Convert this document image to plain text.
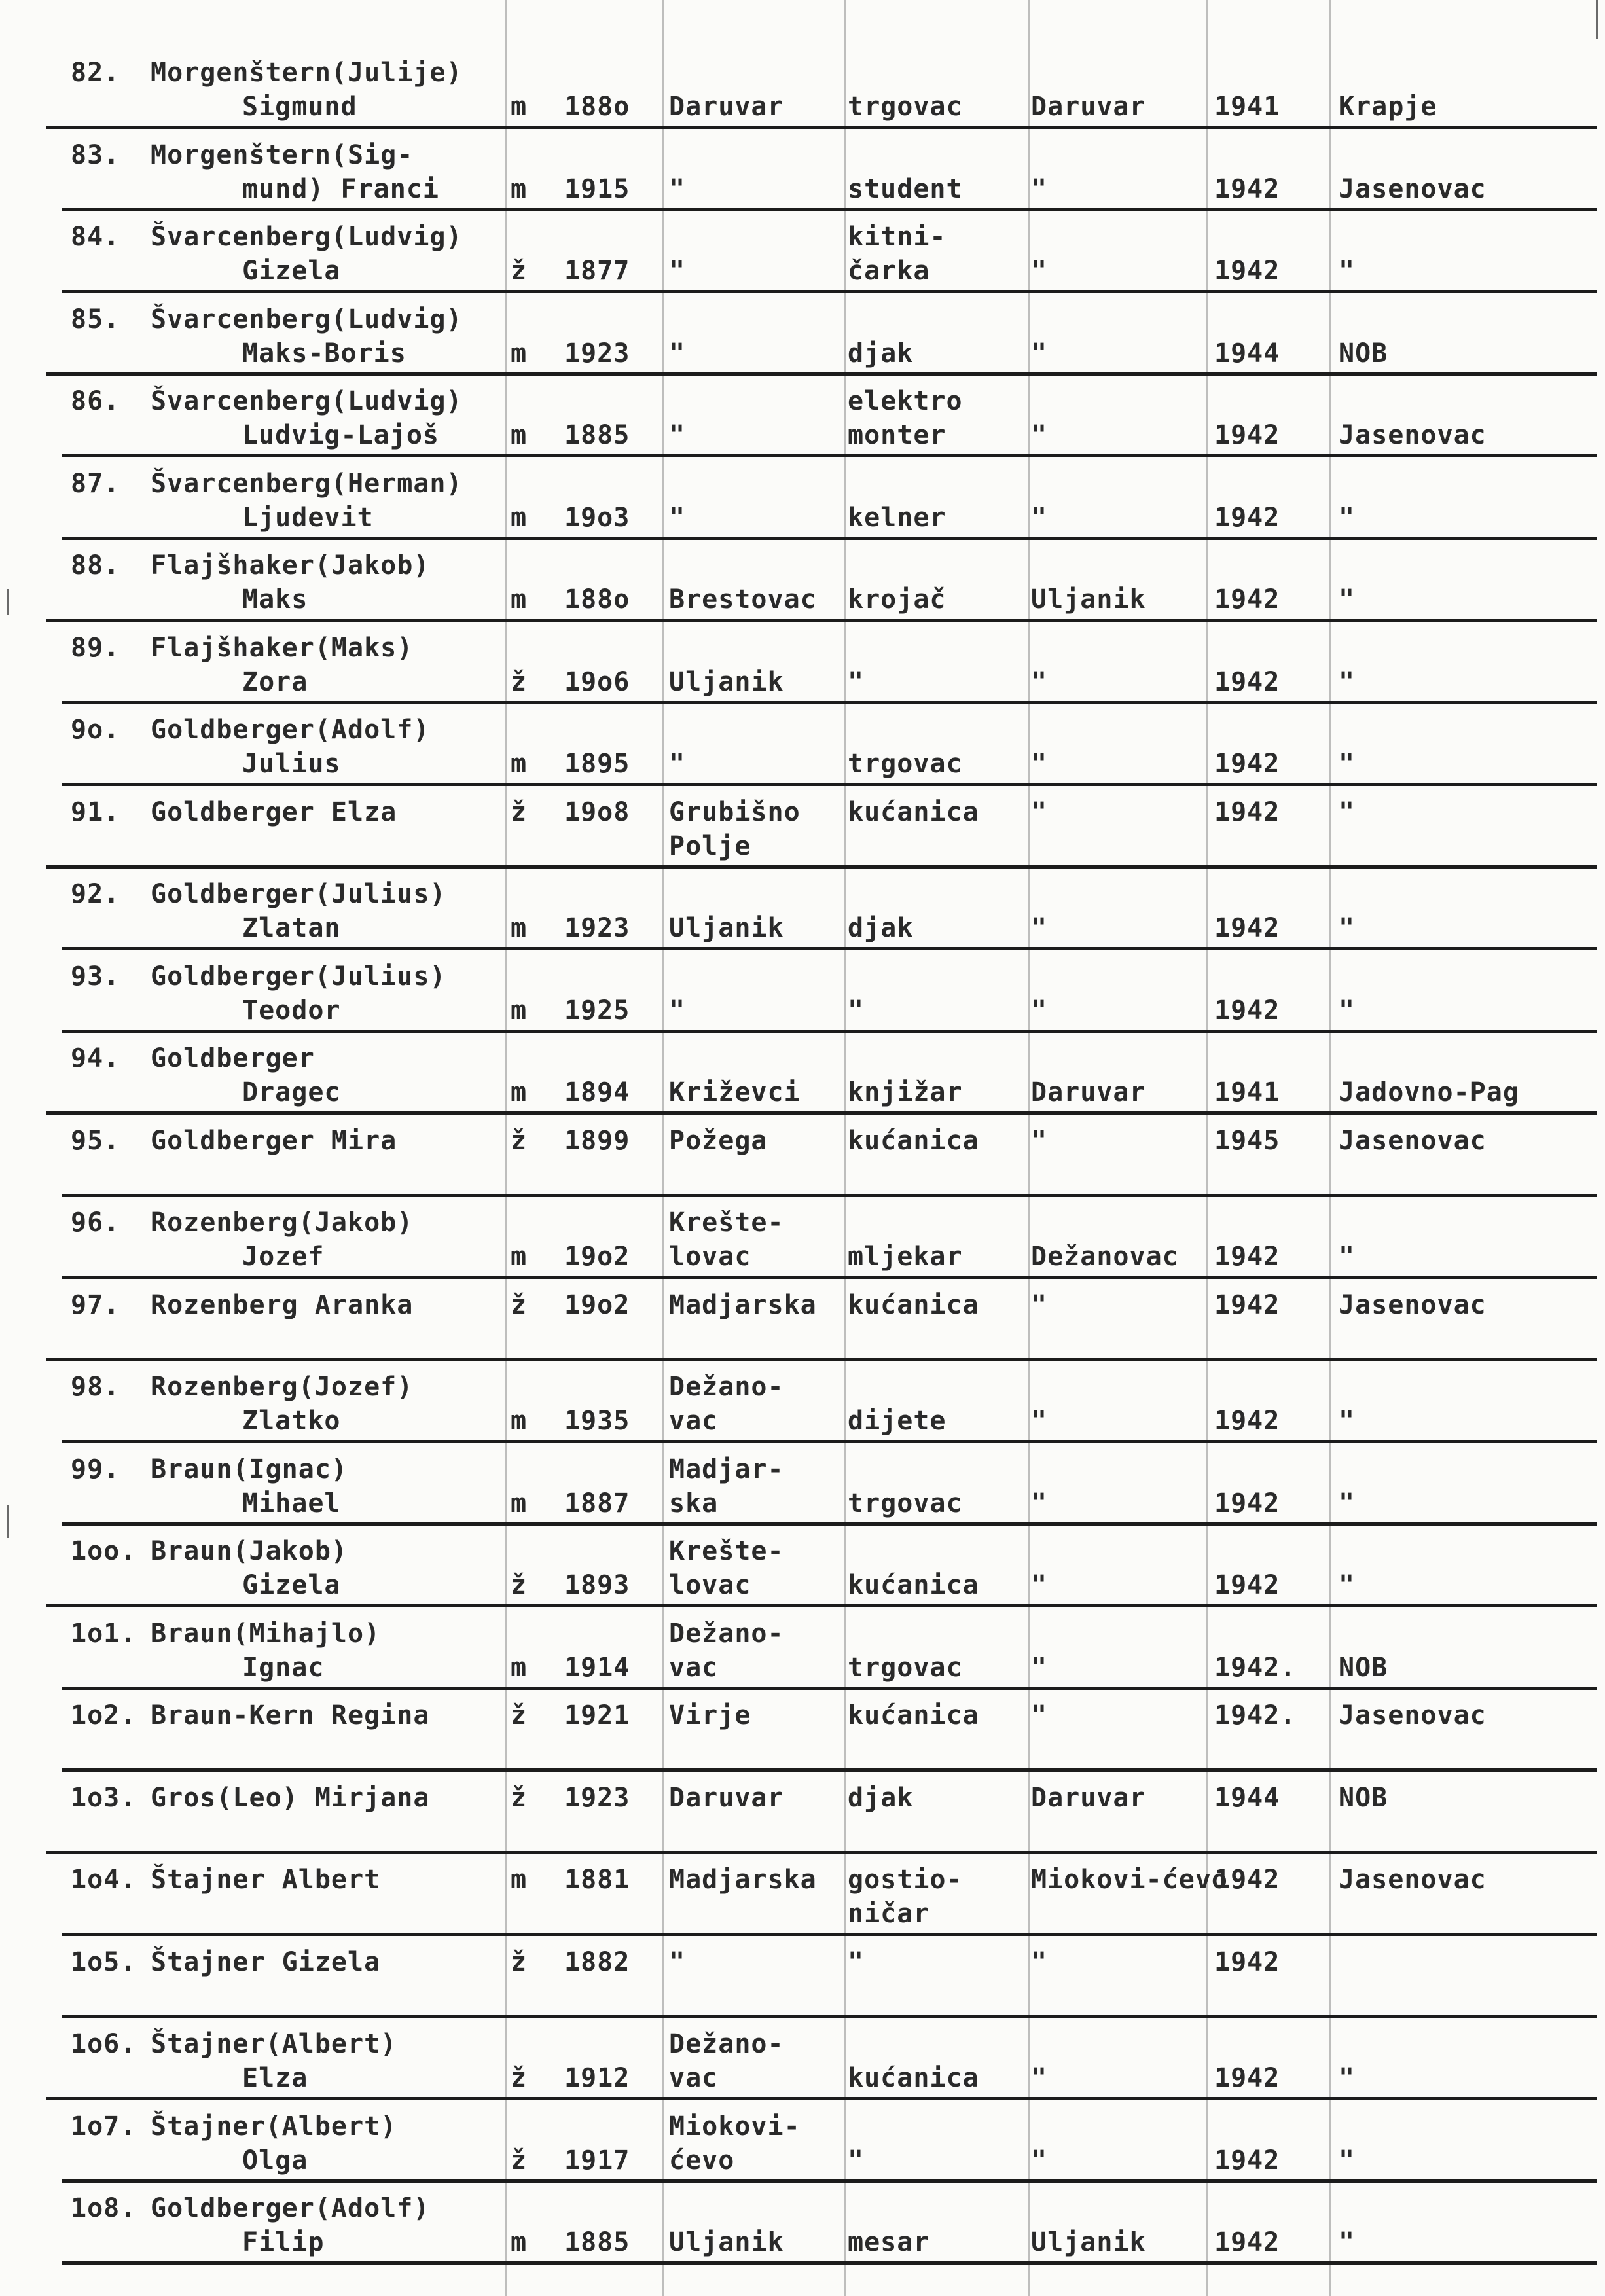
82. Morgenštern(Julije)
Sigmund	m 188o Daruvar trgovac	Daruvar	1941 Krapje
83. Morgenštern(Sig-
mund) Franci	m 1915 "	student	"	1942 Jasenovac
84. Švarcenberg(Ludvig)
Gizela	ž 1877 "
kitni-
čarka	"	1942 "
85. Švarcenberg(Ludvig)
Maks-Boris	m 1923 "	djak	"	1944 NOB
86. Švarcenberg(Ludvig)
Ludvig-Lajoš	m 1885 "
elektro
monter	"	1942 Jasenovac
87. Švarcenberg(Herman)
Ljudevit	m 19o3 "	kelner	"	1942 "
88. Flajšhaker(Jakob)
Maks	m 188o Brestovac krojač	Uljanik	1942 "
89. Flajšhaker(Maks)
Zora	ž 19o6 Uljanik "	"	1942 "
9o. Goldberger(Adolf)
Julius	m 1895 "	trgovac	"	1942 "
91. Goldberger Elza	ž 19o8 Grubišno
Polje
kućanica "	1942 "
92. Goldberger(Julius)
Zlatan	m 1923 Uljanik djak	"	1942 "
93. Goldberger(Julius)
Teodor	m 1925 "	"	"	1942 "
94. Goldberger
Dragec	m 1894 Križevci knjižar	Daruvar	1941 Jadovno-Pag
95. Goldberger Mira	ž 1899 Požega	kućanica "	1945 Jasenovac
96. Rozenberg(Jakob)
Jozef	m 19o2
Krešte-
lovac	mljekar	Dežanovac 1942 "
97. Rozenberg Aranka	ž 19o2 Madjarska kućanica "	1942 Jasenovac
98. Rozenberg(Jozef)
Zlatko	m 1935
Dežano-
vac	dijete	"	1942 "
99. Braun(Ignac)
Mihael	m 1887
Madjar-
ska	trgovac	"	1942 "
1oo. Braun(Jakob)
Gizela	ž 1893
Krešte-
lovac	kućanica "	1942 "
1o1. Braun(Mihajlo)
Ignac	m 1914
Dežano-
vac	trgovac	"	1942. NOB
1o2. Braun-Kern Regina	ž 1921 Virje	kućanica "	1942. Jasenovac
1o3. Gros(Leo) Mirjana	ž 1923 Daruvar djak	Daruvar	1944 NOB
1o4. Štajner Albert	m 1881 Madjarska gostio-
ničar
Miokovi-ćevo
1942 Jasenovac
1o5. Štajner Gizela	ž 1882 "	"	"	1942
1o6. Štajner(Albert)
Elza	ž 1912
Dežano-
vac	kućanica "	1942 "
1o7. Štajner(Albert)
Olga	ž 1917
Miokovi-
ćevo	"	"	1942 "
1o8. Goldberger(Adolf)
Filip	m 1885 Uljanik mesar	Uljanik	1942 "
